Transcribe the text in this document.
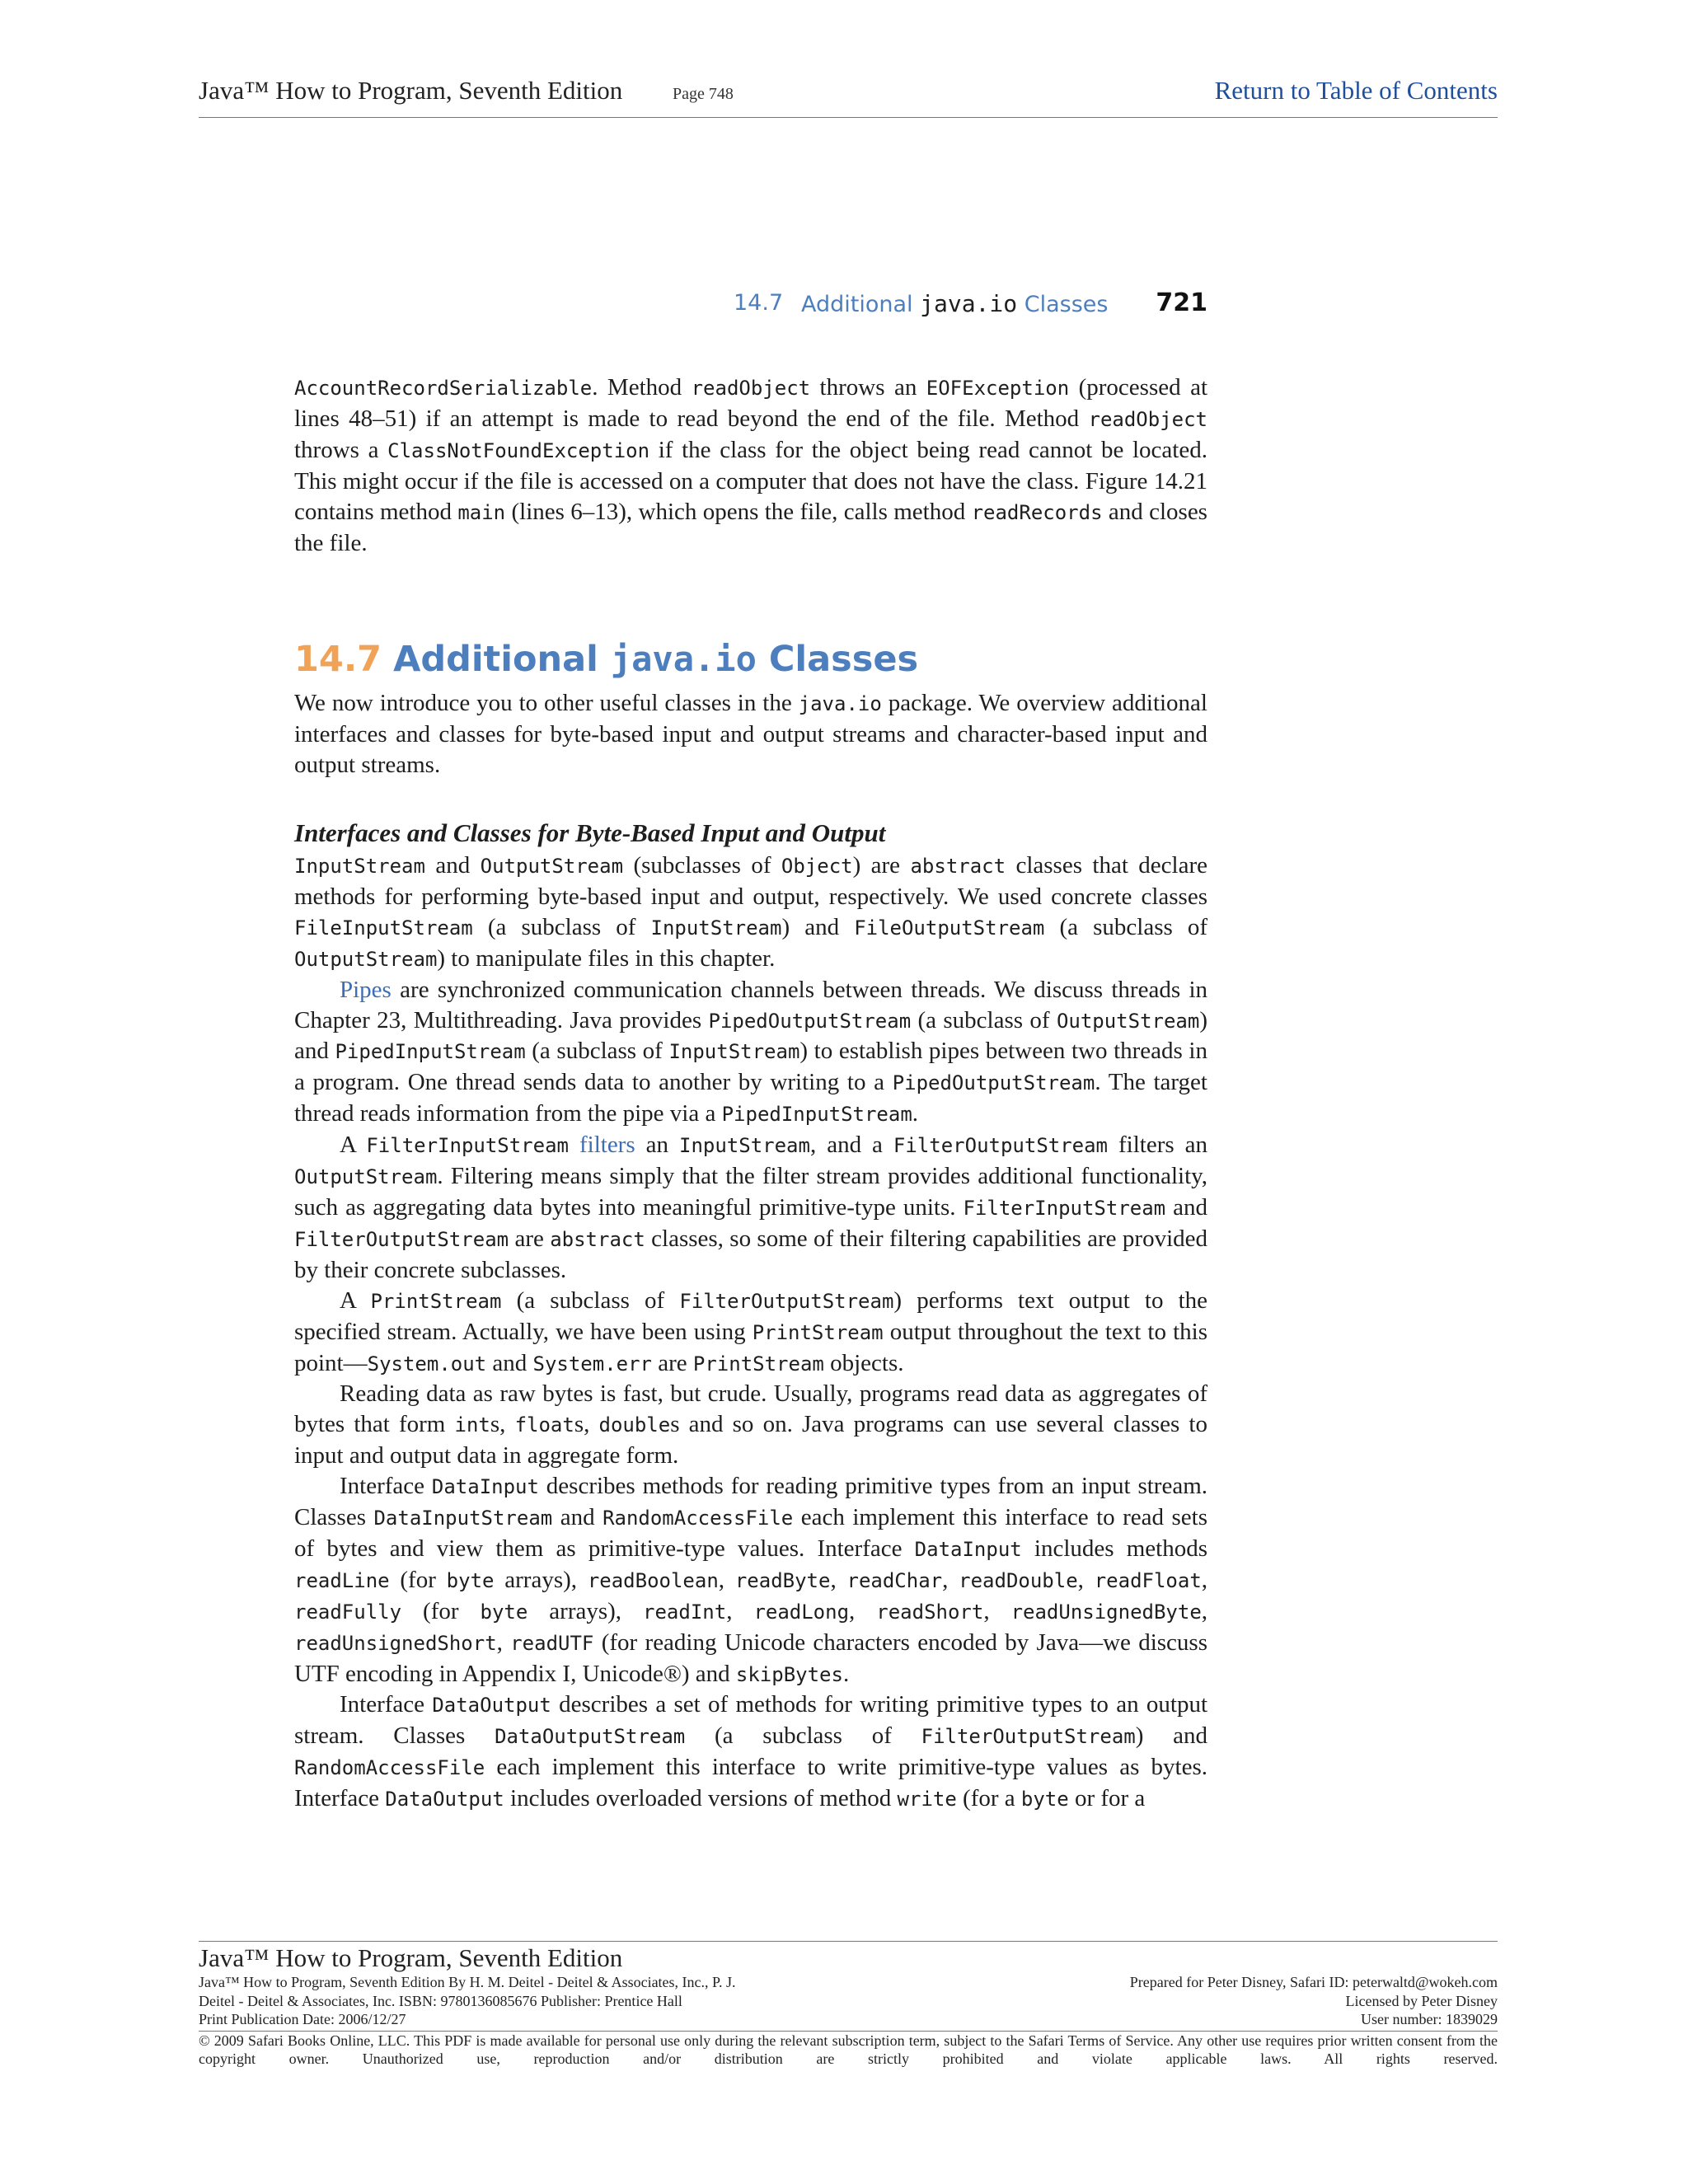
Java™ How to Program, Seventh Edition	Page 748	Return to Table of Contents
14.7 Additional java.io Classes 721

AccountRecordSerializable. Method readObject throws an EOFException (processed at lines 48–51) if an attempt is made to read beyond the end of the file. Method readObject throws a ClassNotFoundException if the class for the object being read cannot be located. This might occur if the file is accessed on a computer that does not have the class. Figure 14.21 contains method main (lines 6–13), which opens the file, calls method readRecords and closes the file.

14.7 Additional java.io Classes

We now introduce you to other useful classes in the java.io package. We overview additional interfaces and classes for byte-based input and output streams and character-based input and output streams.

Interfaces and Classes for Byte-Based Input and Output

InputStream and OutputStream (subclasses of Object) are abstract classes that declare methods for performing byte-based input and output, respectively. We used concrete classes FileInputStream (a subclass of InputStream) and FileOutputStream (a subclass of OutputStream) to manipulate files in this chapter.

Pipes are synchronized communication channels between threads. We discuss threads in Chapter 23, Multithreading. Java provides PipedOutputStream (a subclass of OutputStream) and PipedInputStream (a subclass of InputStream) to establish pipes between two threads in a program. One thread sends data to another by writing to a PipedOutputStream. The target thread reads information from the pipe via a PipedInputStream.

A FilterInputStream filters an InputStream, and a FilterOutputStream filters an OutputStream. Filtering means simply that the filter stream provides additional functionality, such as aggregating data bytes into meaningful primitive-type units. FilterInputStream and FilterOutputStream are abstract classes, so some of their filtering capabilities are provided by their concrete subclasses.

A PrintStream (a subclass of FilterOutputStream) performs text output to the specified stream. Actually, we have been using PrintStream output throughout the text to this point—System.out and System.err are PrintStream objects.

Reading data as raw bytes is fast, but crude. Usually, programs read data as aggregates of bytes that form ints, floats, doubles and so on. Java programs can use several classes to input and output data in aggregate form.

Interface DataInput describes methods for reading primitive types from an input stream. Classes DataInputStream and RandomAccessFile each implement this interface to read sets of bytes and view them as primitive-type values. Interface DataInput includes methods readLine (for byte arrays), readBoolean, readByte, readChar, readDouble, readFloat, readFully (for byte arrays), readInt, readLong, readShort, readUnsignedByte, readUnsignedShort, readUTF (for reading Unicode characters encoded by Java—we discuss UTF encoding in Appendix I, Unicode®) and skipBytes.

Interface DataOutput describes a set of methods for writing primitive types to an output stream. Classes DataOutputStream (a subclass of FilterOutputStream) and RandomAccessFile each implement this interface to write primitive-type values as bytes. Interface DataOutput includes overloaded versions of method write (for a byte or for a

Java™ How to Program, Seventh Edition
Java™ How to Program, Seventh Edition By H. M. Deitel - Deitel & Associates, Inc., P. J.	Prepared for Peter Disney, Safari ID: peterwaltd@wokeh.com
Deitel - Deitel & Associates, Inc. ISBN: 9780136085676 Publisher: Prentice Hall	Licensed by Peter Disney
Print Publication Date: 2006/12/27	User number: 1839029
© 2009 Safari Books Online, LLC. This PDF is made available for personal use only during the relevant subscription term, subject to the Safari Terms of Service. Any other use requires prior written consent from the copyright owner. Unauthorized use, reproduction and/or distribution are strictly prohibited and violate applicable laws. All rights reserved.
